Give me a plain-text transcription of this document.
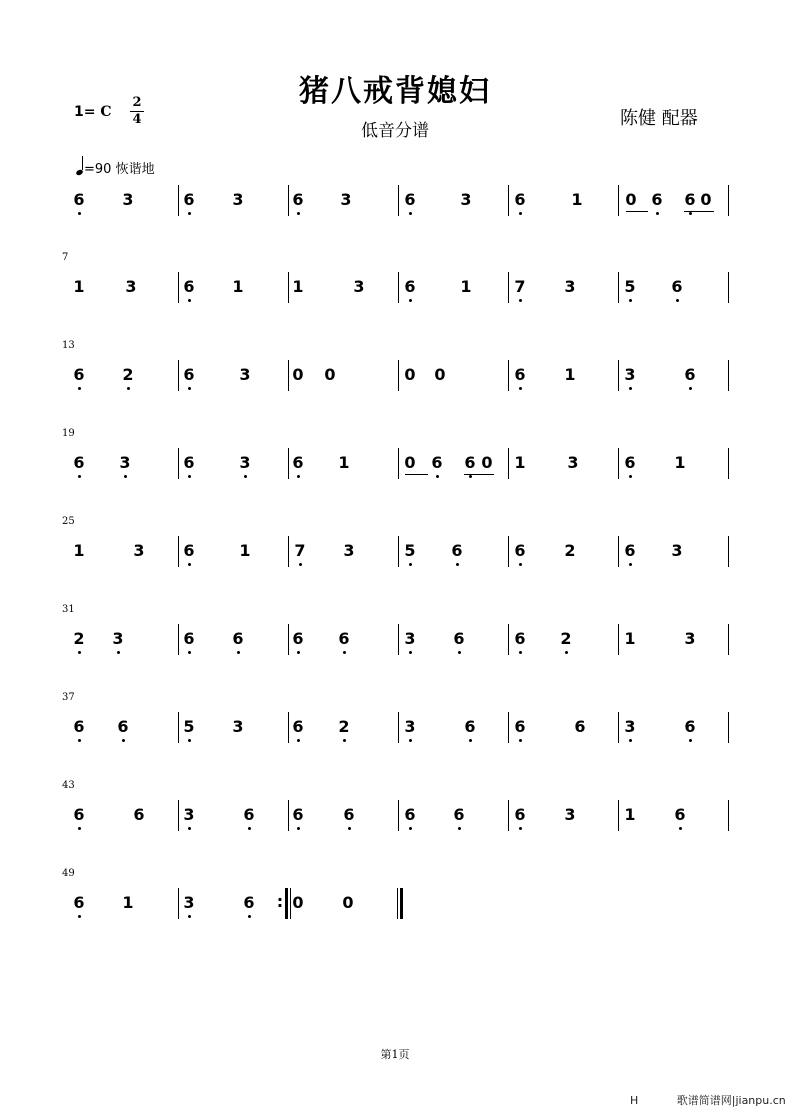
猪八戒背媳妇
低音分谱
陈健 配器
1= C
2
4
=90 恢谐地
6 3	6 3	6 3	6	3	6	1	0 6 6 0
7
1	3	6 1	1	3 6	1	7 3	5 6
13
6 2	6	3	0 0	0 0	6 1	3	6
19
6 3	6	3	6 1	0 6 6 0 1	3	6 1
25
1	3 6	1	7 3	5 6	6 2	6 3
31
2 3	6 6	6 6	3 6	6 2	1	3
37
6 6	5 3	6 2	3	6 6	6 3	6
43
6	6 3	6 6 6	6 6	6 3	1 6
49
6 1	3	6 0 0
:
第1页
H	歌谱简谱网|jianpu.cn
